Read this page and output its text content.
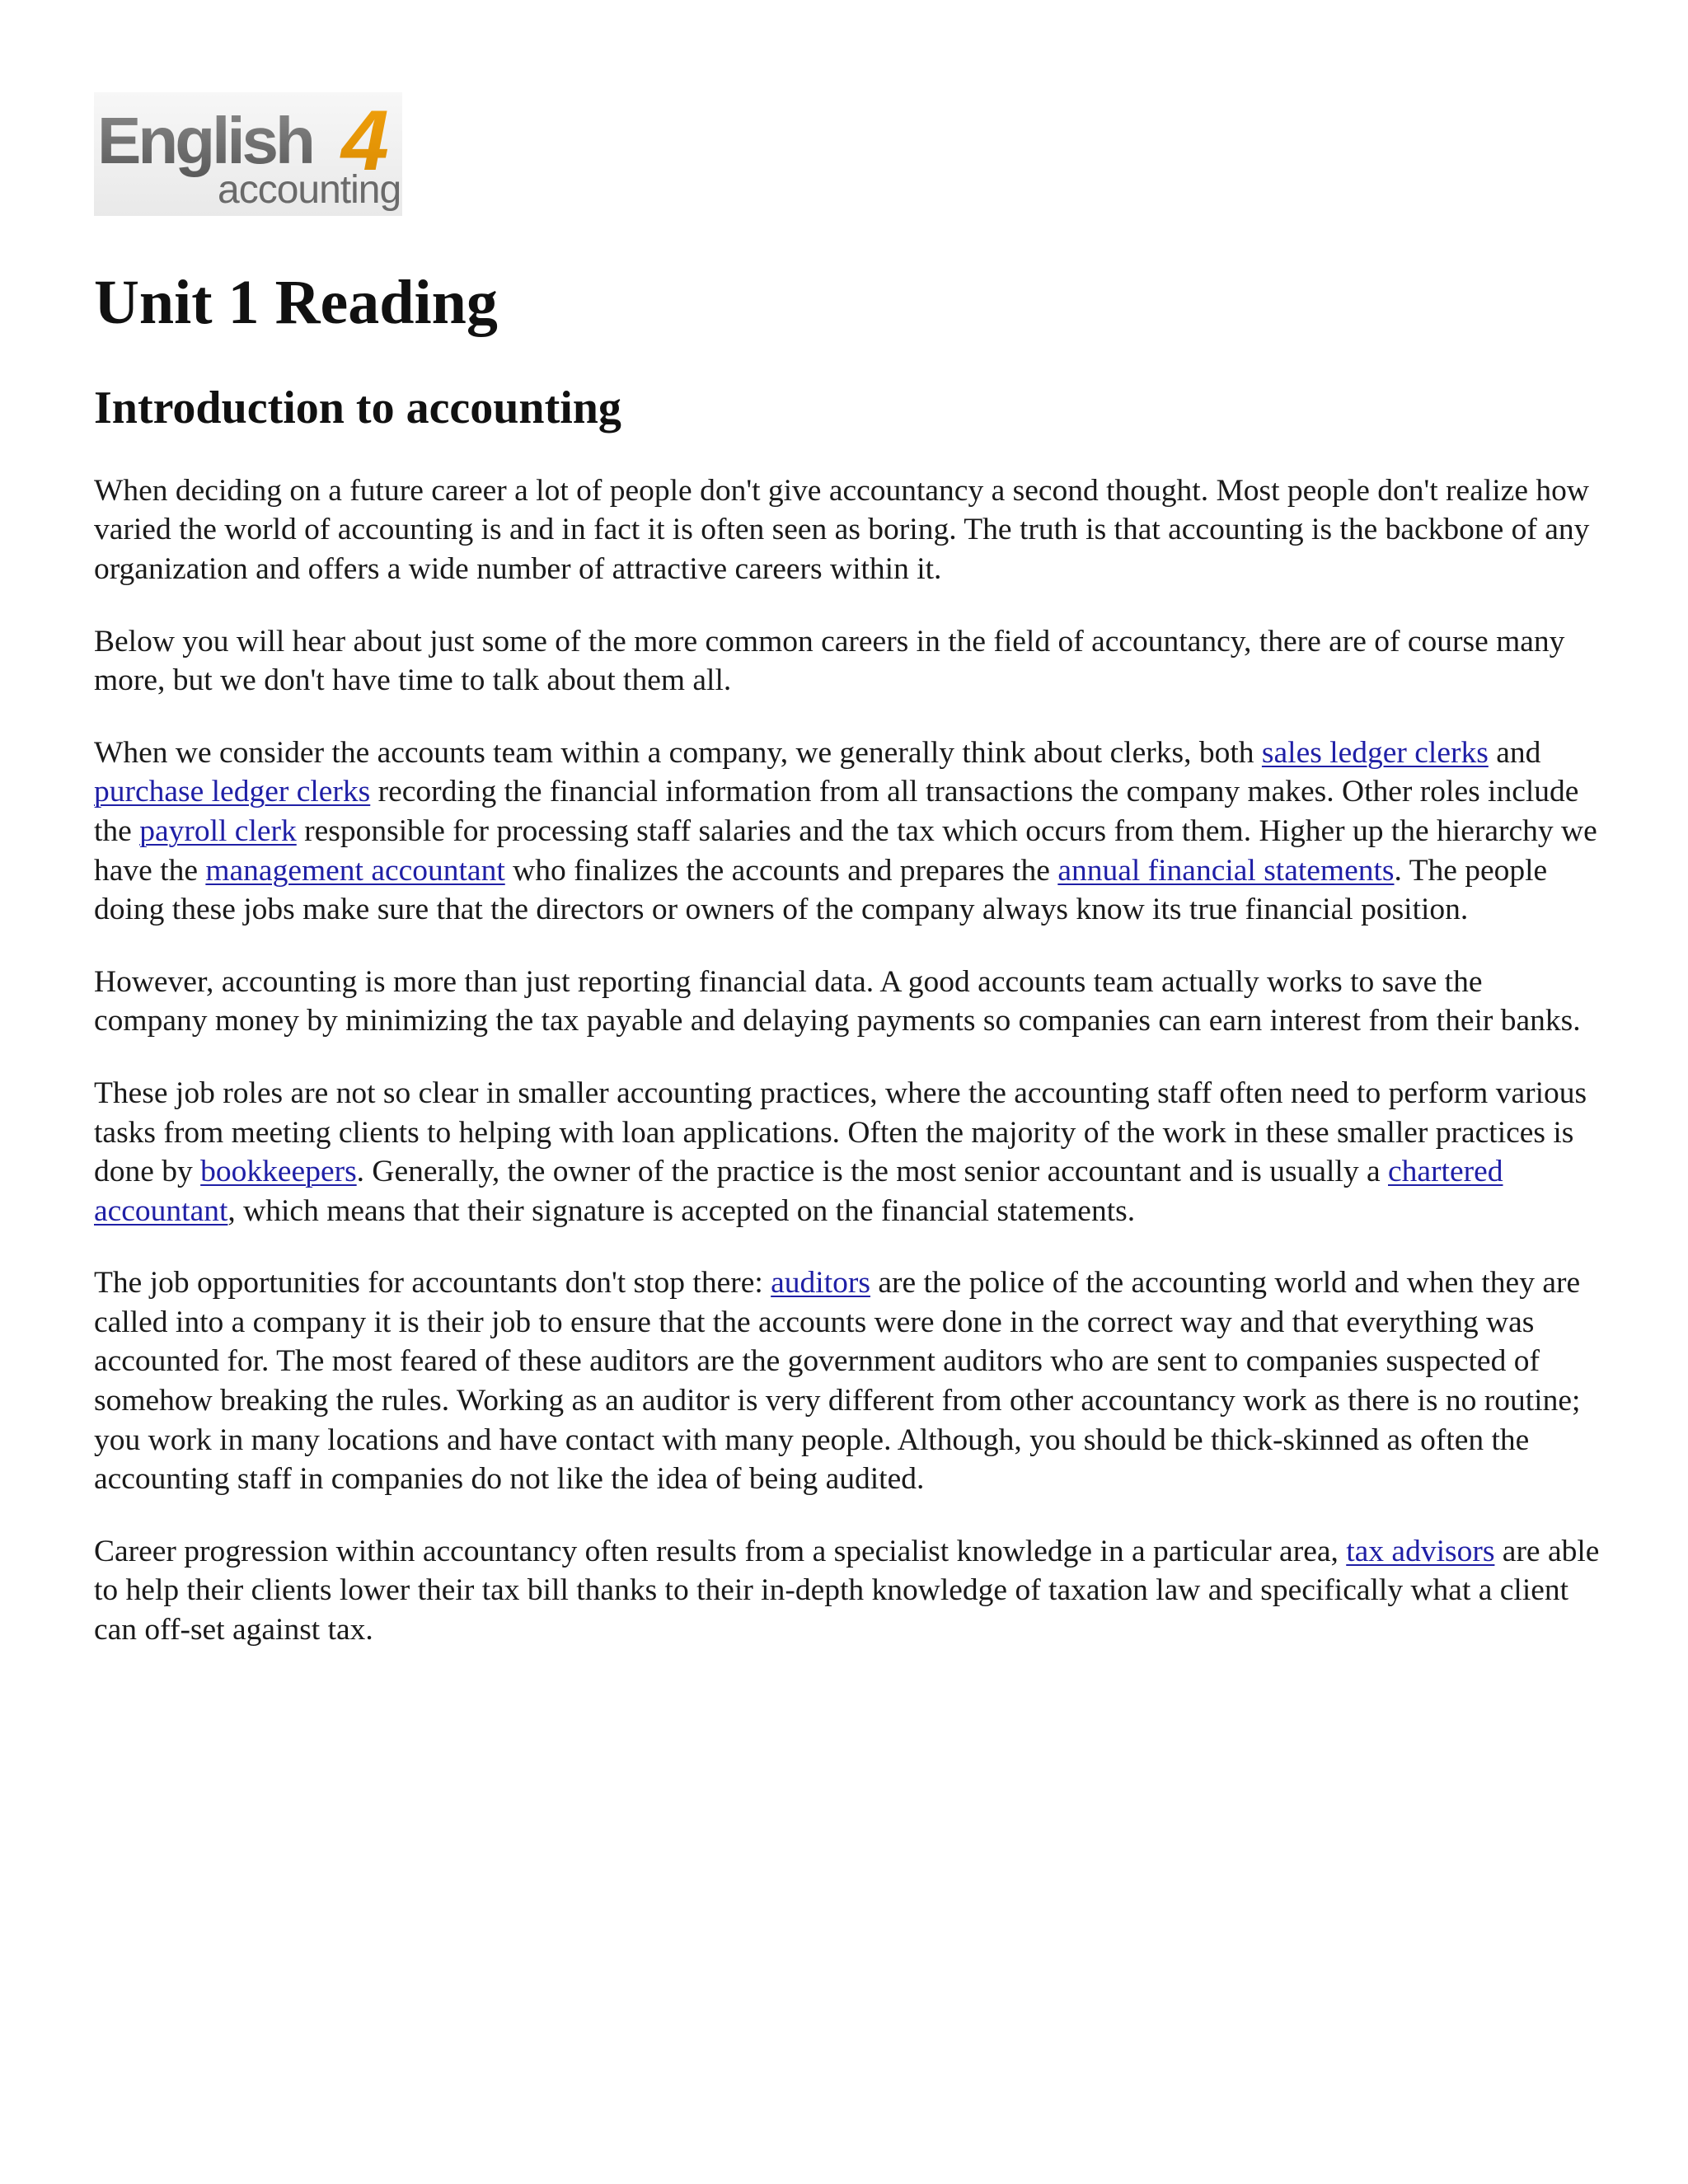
English 4
accounting
Unit 1 Reading
Introduction to accounting

When deciding on a future career a lot of people don't give accountancy a second thought. Most people don't realize how varied the world of accounting is and in fact it is often seen as boring. The truth is that accounting is the backbone of any organization and offers a wide number of attractive careers within it.

Below you will hear about just some of the more common careers in the field of accountancy, there are of course many more, but we don't have time to talk about them all.

When we consider the accounts team within a company, we generally think about clerks, both sales ledger clerks and purchase ledger clerks recording the financial information from all transactions the company makes. Other roles include the payroll clerk responsible for processing staff salaries and the tax which occurs from them. Higher up the hierarchy we have the management accountant who finalizes the accounts and prepares the annual financial statements. The people doing these jobs make sure that the directors or owners of the company always know its true financial position.

However, accounting is more than just reporting financial data. A good accounts team actually works to save the company money by minimizing the tax payable and delaying payments so companies can earn interest from their banks.

These job roles are not so clear in smaller accounting practices, where the accounting staff often need to perform various tasks from meeting clients to helping with loan applications. Often the majority of the work in these smaller practices is done by bookkeepers. Generally, the owner of the practice is the most senior accountant and is usually a chartered accountant, which means that their signature is accepted on the financial statements.

The job opportunities for accountants don't stop there: auditors are the police of the accounting world and when they are called into a company it is their job to ensure that the accounts were done in the correct way and that everything was accounted for. The most feared of these auditors are the government auditors who are sent to companies suspected of somehow breaking the rules. Working as an auditor is very different from other accountancy work as there is no routine; you work in many locations and have contact with many people. Although, you should be thick-skinned as often the accounting staff in companies do not like the idea of being audited.

Career progression within accountancy often results from a specialist knowledge in a particular area, tax advisors are able to help their clients lower their tax bill thanks to their in-depth knowledge of taxation law and specifically what a client can off-set against tax.
